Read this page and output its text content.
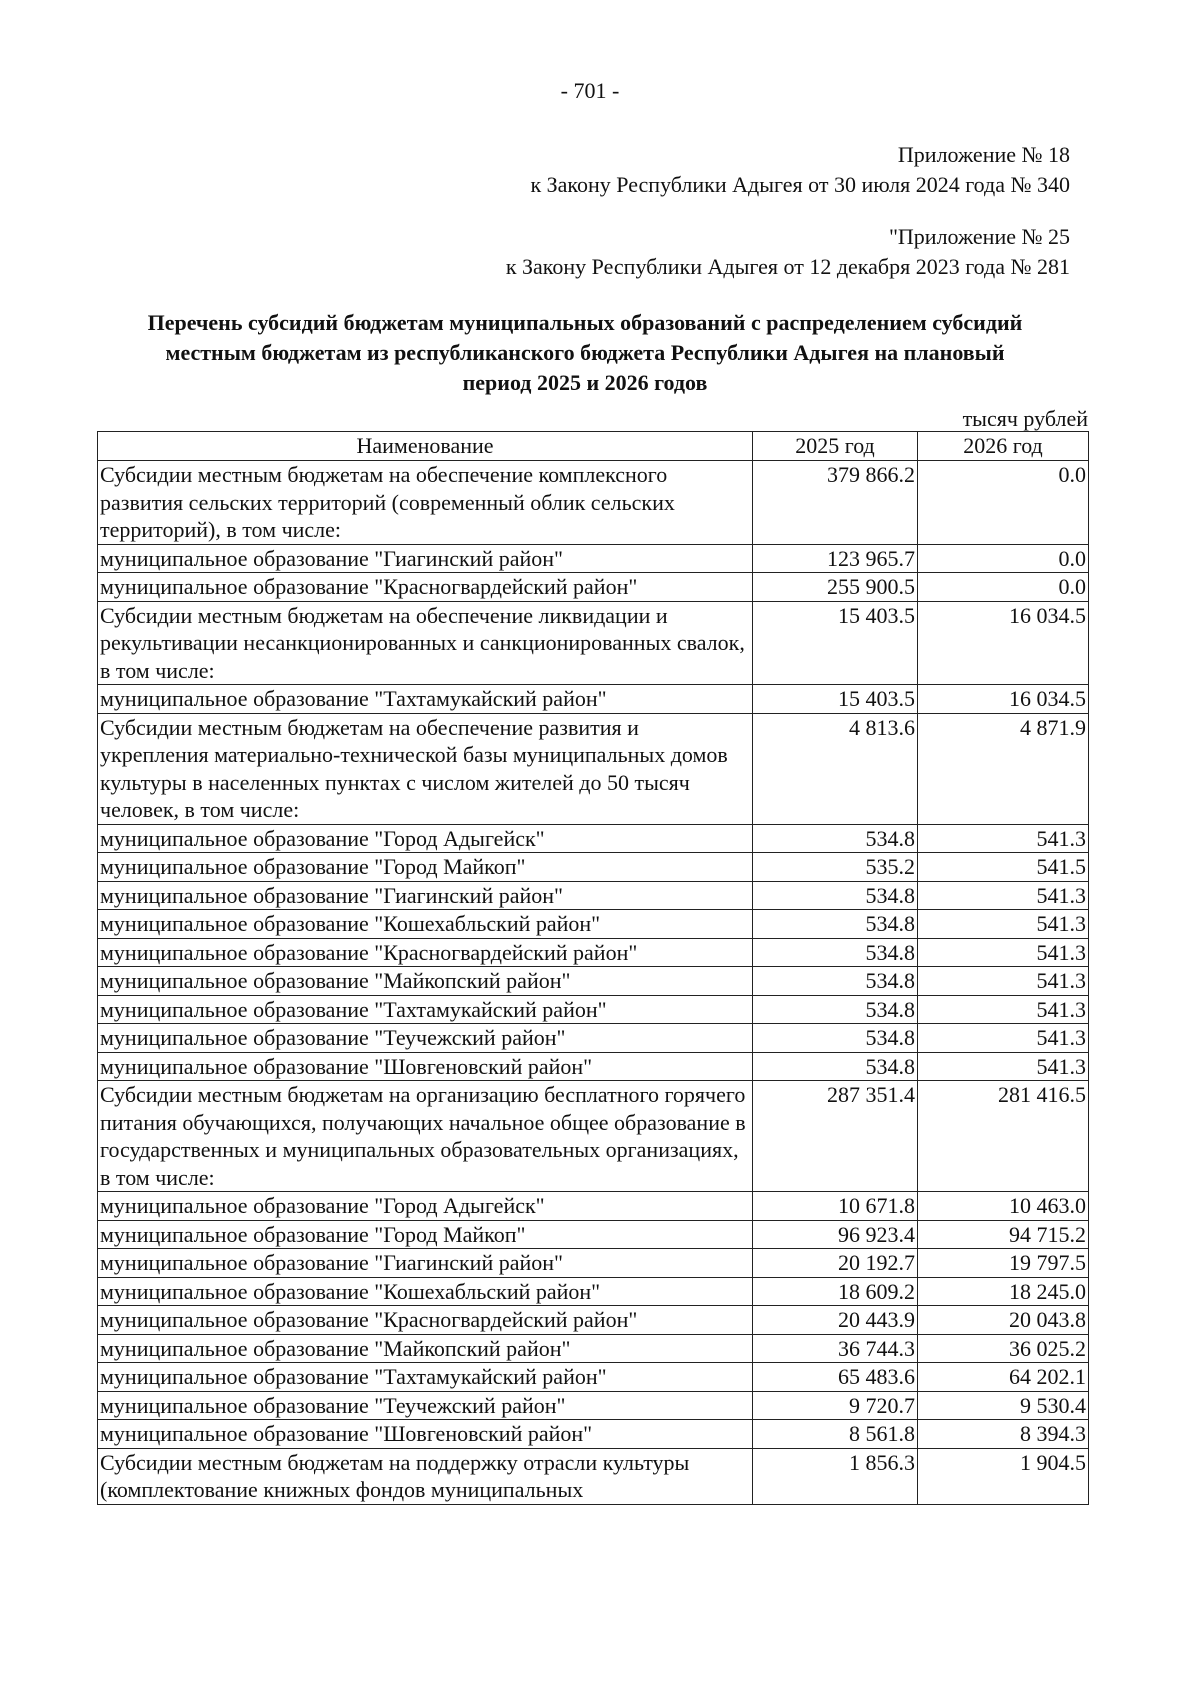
- 701 -
Приложение № 18
к Закону Республики Адыгея от 30 июля 2024 года № 340
"Приложение № 25
к Закону Республики Адыгея от 12 декабря 2023 года № 281
Перечень субсидий бюджетам муниципальных образований с распределением субсидий
местным бюджетам из республиканского бюджета Республики Адыгея на плановый
период 2025 и 2026 годов
тысяч рублей
Наименование	2025 год	2026 год
Субсидии местным бюджетам на обеспечение комплексного развития сельских территорий (современный облик сельских территорий), в том числе:	379 866.2	0.0
муниципальное образование "Гиагинский район"	123 965.7	0.0
муниципальное образование "Красногвардейский район"	255 900.5	0.0
Субсидии местным бюджетам на обеспечение ликвидации и рекультивации несанкционированных и санкционированных свалок, в том числе:	15 403.5	16 034.5
муниципальное образование "Тахтамукайский район"	15 403.5	16 034.5
Субсидии местным бюджетам на обеспечение развития и укрепления материально-технической базы муниципальных домов культуры в населенных пунктах с числом жителей до 50 тысяч человек, в том числе:	4 813.6	4 871.9
муниципальное образование "Город Адыгейск"	534.8	541.3
муниципальное образование "Город Майкоп"	535.2	541.5
муниципальное образование "Гиагинский район"	534.8	541.3
муниципальное образование "Кошехабльский район"	534.8	541.3
муниципальное образование "Красногвардейский район"	534.8	541.3
муниципальное образование "Майкопский район"	534.8	541.3
муниципальное образование "Тахтамукайский район"	534.8	541.3
муниципальное образование "Теучежский район"	534.8	541.3
муниципальное образование "Шовгеновский район"	534.8	541.3
Субсидии местным бюджетам на организацию бесплатного горячего питания обучающихся, получающих начальное общее образование в государственных и муниципальных образовательных организациях, в том числе:	287 351.4	281 416.5
муниципальное образование "Город Адыгейск"	10 671.8	10 463.0
муниципальное образование "Город Майкоп"	96 923.4	94 715.2
муниципальное образование "Гиагинский район"	20 192.7	19 797.5
муниципальное образование "Кошехабльский район"	18 609.2	18 245.0
муниципальное образование "Красногвардейский район"	20 443.9	20 043.8
муниципальное образование "Майкопский район"	36 744.3	36 025.2
муниципальное образование "Тахтамукайский район"	65 483.6	64 202.1
муниципальное образование "Теучежский район"	9 720.7	9 530.4
муниципальное образование "Шовгеновский район"	8 561.8	8 394.3
Субсидии местным бюджетам на поддержку отрасли культуры (комплектование книжных фондов муниципальных	1 856.3	1 904.5
